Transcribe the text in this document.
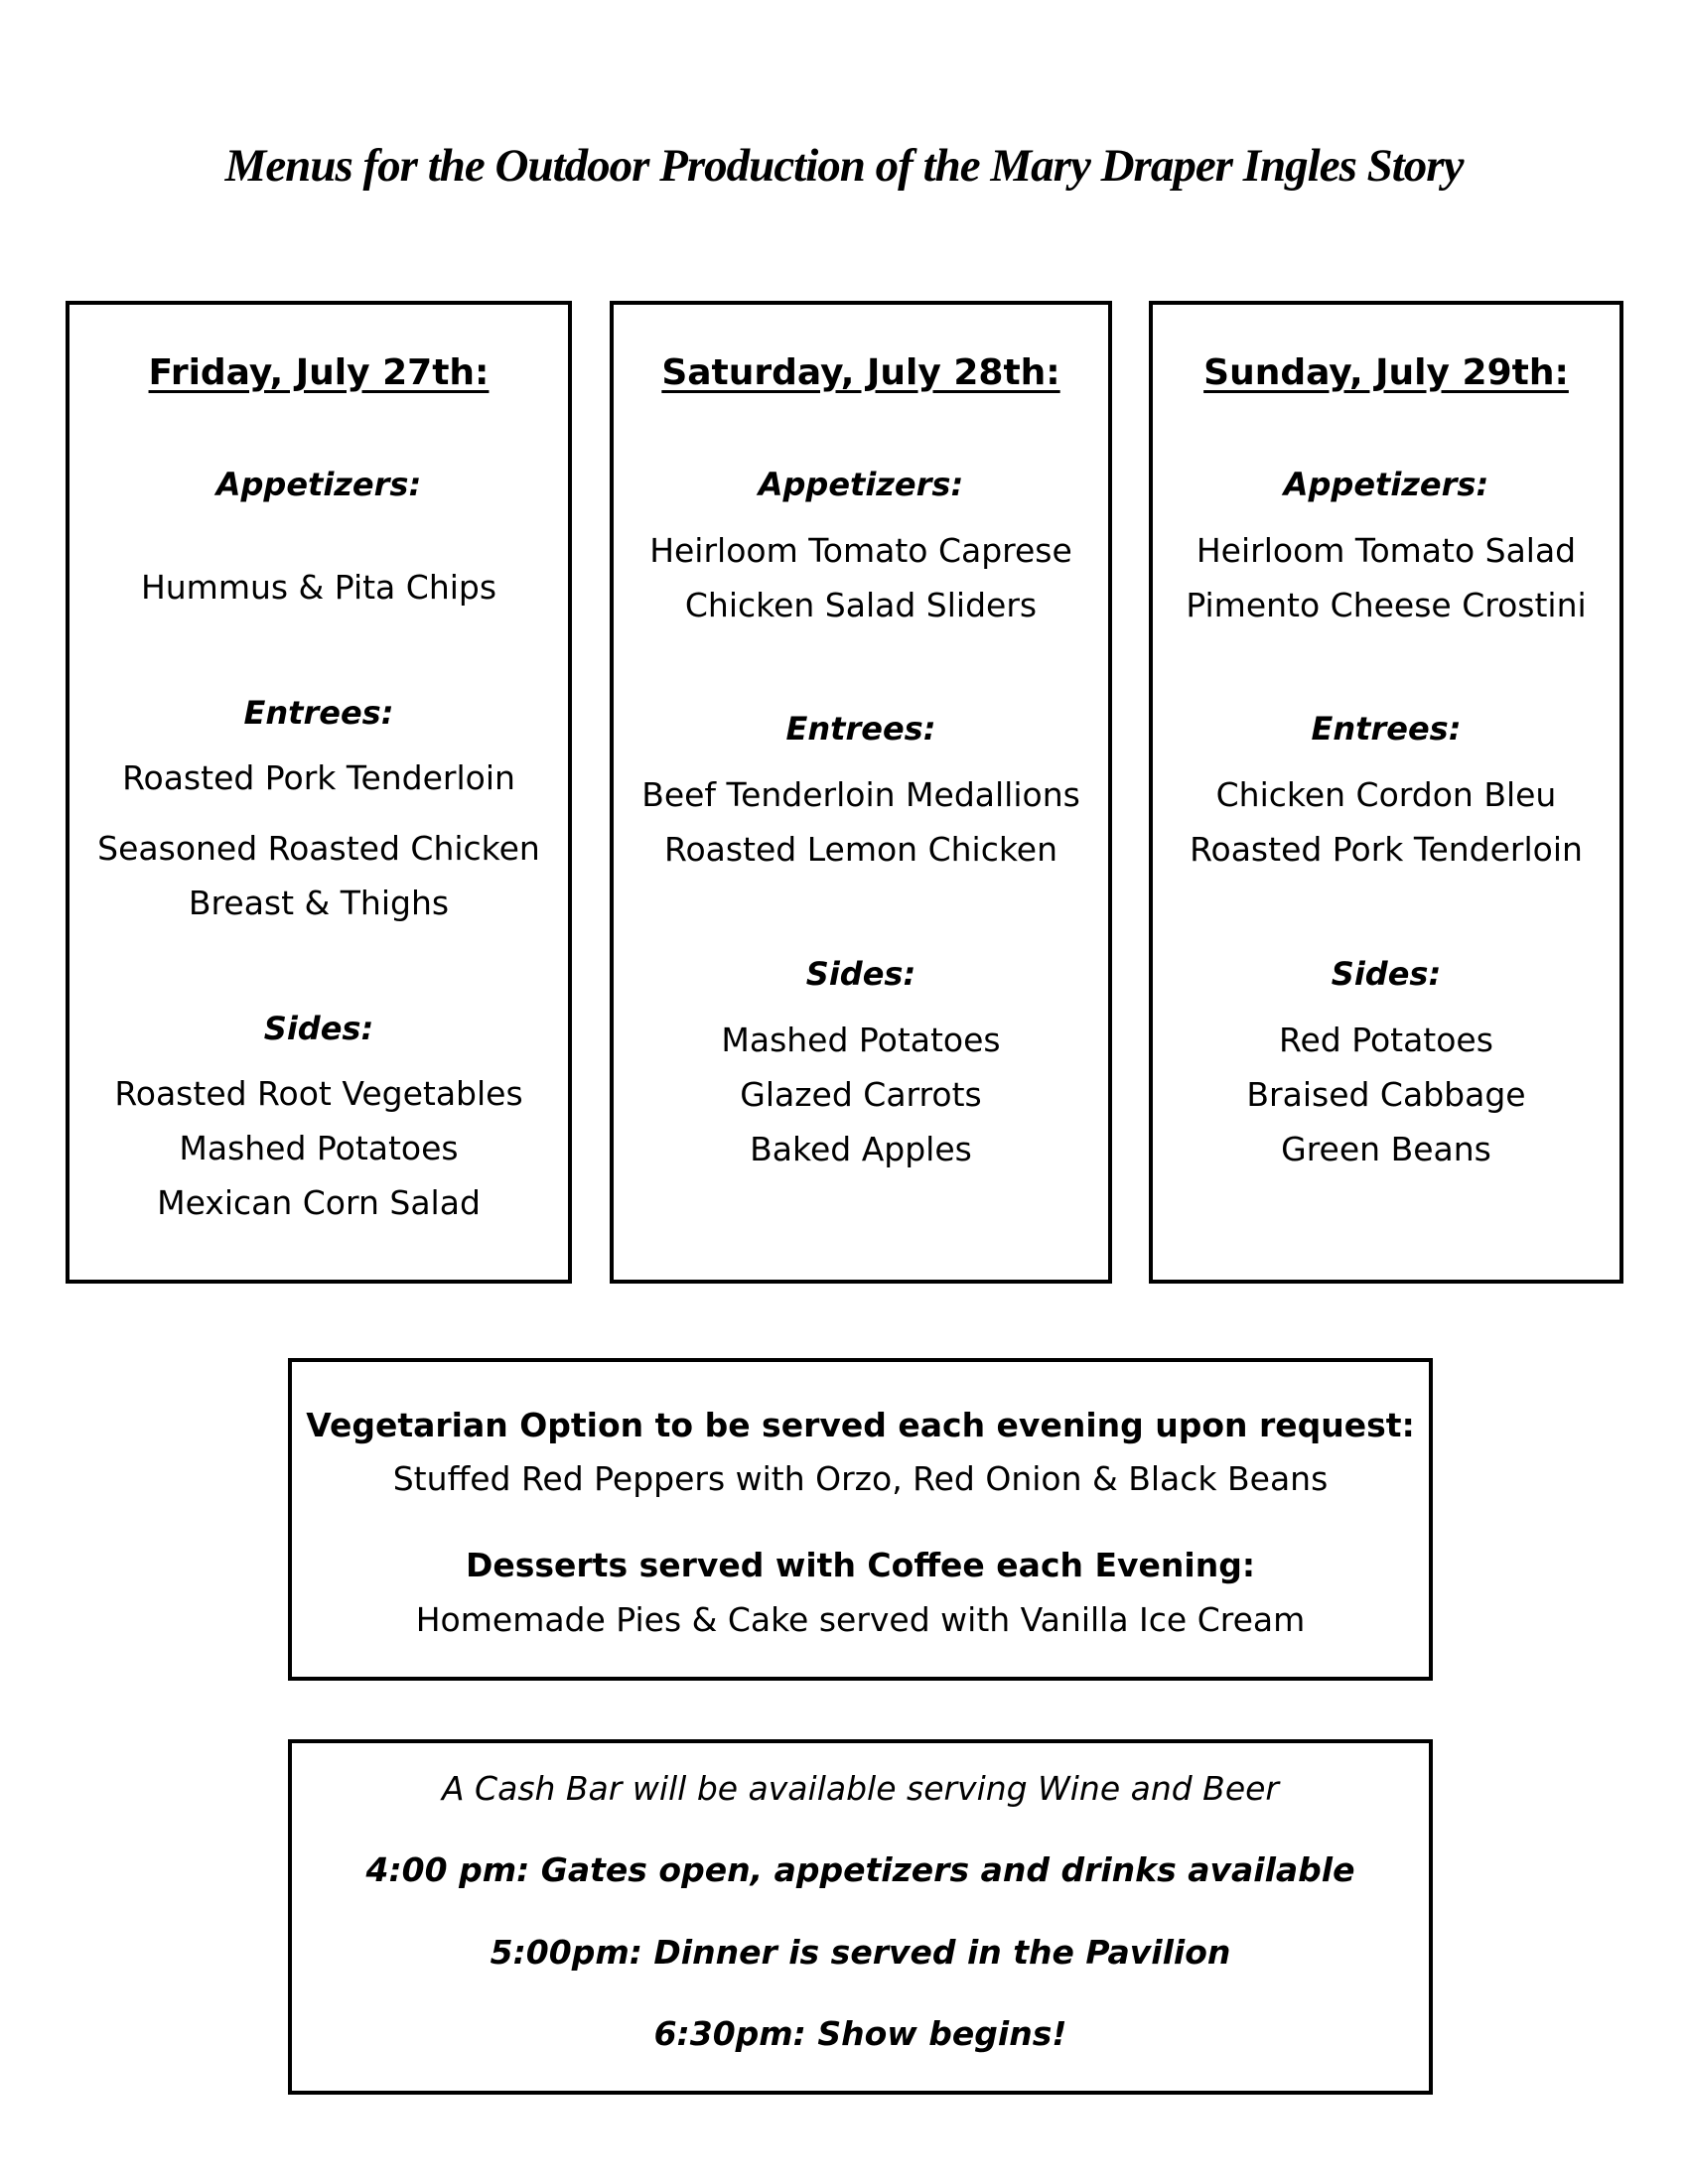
Menus for the Outdoor Production of the Mary Draper Ingles Story
Friday, July 27th:
Appetizers:
Hummus & Pita Chips
Entrees:
Roasted Pork Tenderloin
Seasoned Roasted Chicken
Breast & Thighs
Sides:
Roasted Root Vegetables
Mashed Potatoes
Mexican Corn Salad
Saturday, July 28th:
Appetizers:
Heirloom Tomato Caprese
Chicken Salad Sliders
Entrees:
Beef Tenderloin Medallions
Roasted Lemon Chicken
Sides:
Mashed Potatoes
Glazed Carrots
Baked Apples
Sunday, July 29th:
Appetizers:
Heirloom Tomato Salad
Pimento Cheese Crostini
Entrees:
Chicken Cordon Bleu
Roasted Pork Tenderloin
Sides:
Red Potatoes
Braised Cabbage
Green Beans
Vegetarian Option to be served each evening upon request:
Stuffed Red Peppers with Orzo, Red Onion & Black Beans
Desserts served with Coffee each Evening:
Homemade Pies & Cake served with Vanilla Ice Cream
A Cash Bar will be available serving Wine and Beer
4:00 pm: Gates open, appetizers and drinks available
5:00pm: Dinner is served in the Pavilion
6:30pm: Show begins!
